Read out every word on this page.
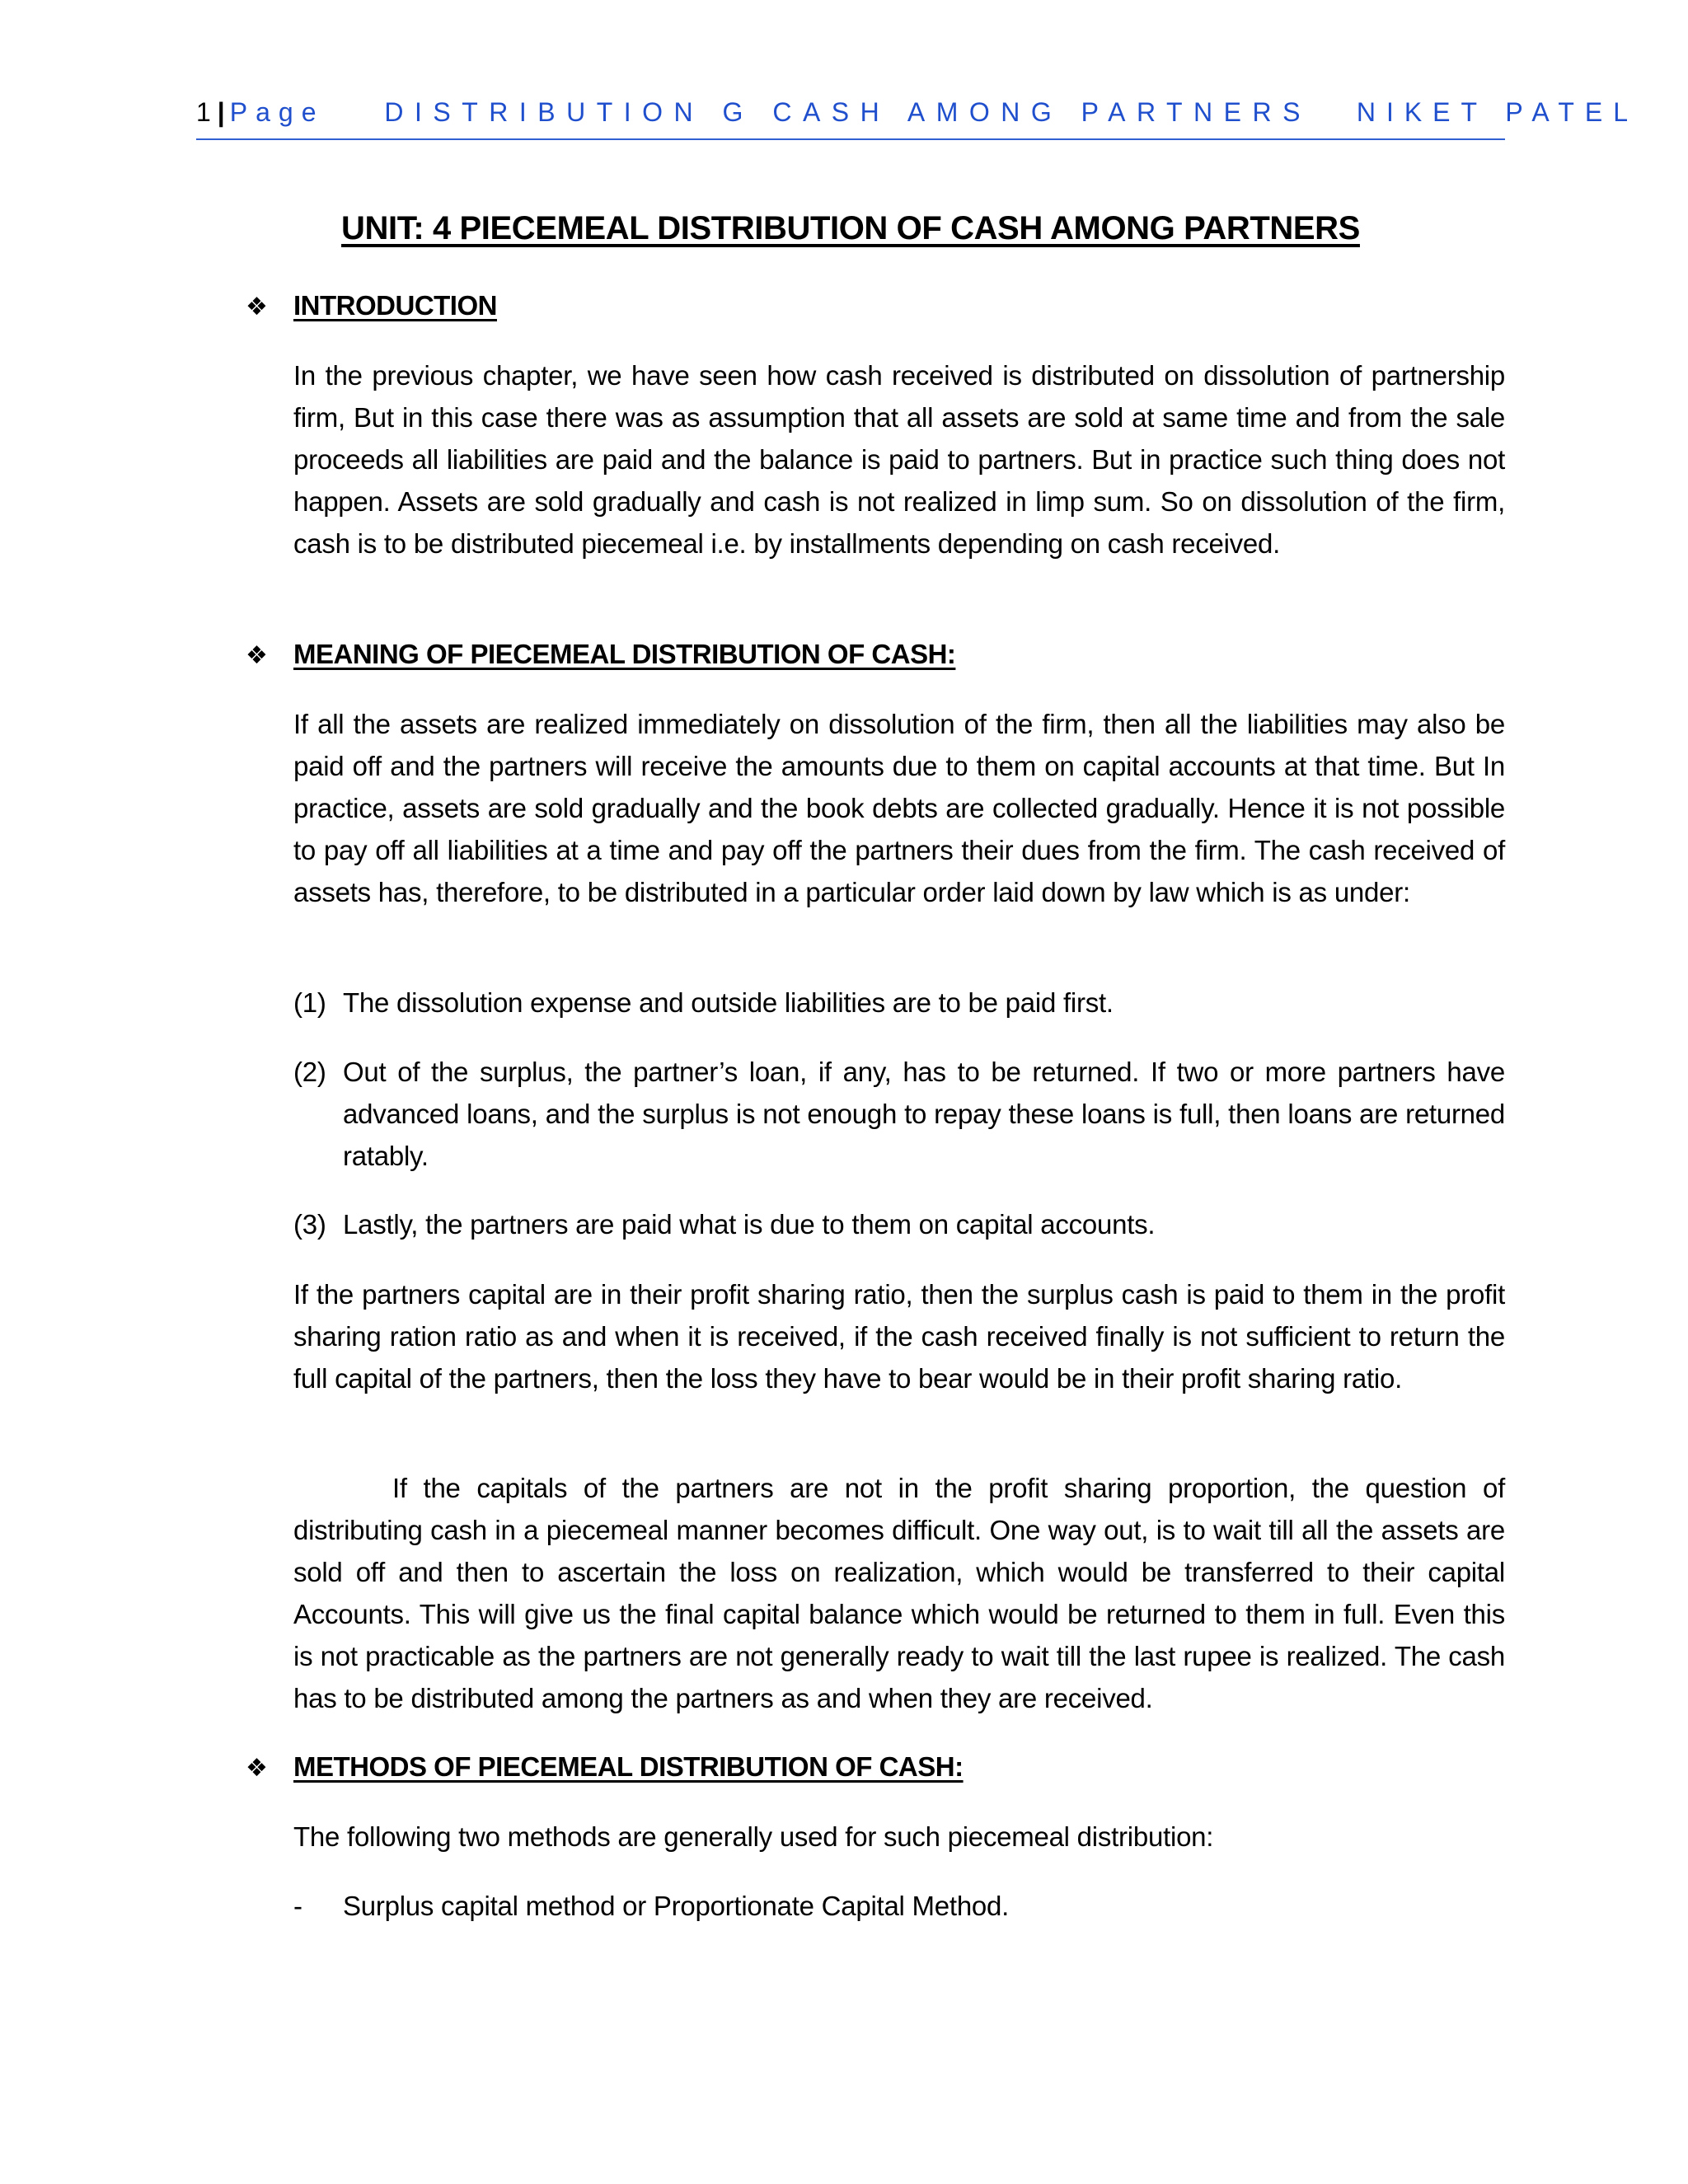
1 | Page DISTRIBUTION G CASH AMONG PARTNERS NIKET PATEL
UNIT: 4 PIECEMEAL DISTRIBUTION OF CASH AMONG PARTNERS
❖ INTRODUCTION
In the previous chapter, we have seen how cash received is distributed on dissolution of partnership firm, But in this case there was as assumption that all assets are sold at same time and from the sale proceeds all liabilities are paid and the balance is paid to partners. But in practice such thing does not happen. Assets are sold gradually and cash is not realized in limp sum. So on dissolution of the firm, cash is to be distributed piecemeal i.e. by installments depending on cash received.
❖ MEANING OF PIECEMEAL DISTRIBUTION OF CASH:
If all the assets are realized immediately on dissolution of the firm, then all the liabilities may also be paid off and the partners will receive the amounts due to them on capital accounts at that time. But In practice, assets are sold gradually and the book debts are collected gradually. Hence it is not possible to pay off all liabilities at a time and pay off the partners their dues from the firm. The cash received of assets has, therefore, to be distributed in a particular order laid down by law which is as under:
(1) The dissolution expense and outside liabilities are to be paid first.
(2) Out of the surplus, the partner’s loan, if any, has to be returned. If two or more partners have advanced loans, and the surplus is not enough to repay these loans is full, then loans are returned ratably.
(3) Lastly, the partners are paid what is due to them on capital accounts.
If the partners capital are in their profit sharing ratio, then the surplus cash is paid to them in the profit sharing ration ratio as and when it is received, if the cash received finally is not sufficient to return the full capital of the partners, then the loss they have to bear would be in their profit sharing ratio.
If the capitals of the partners are not in the profit sharing proportion, the question of distributing cash in a piecemeal manner becomes difficult. One way out, is to wait till all the assets are sold off and then to ascertain the loss on realization, which would be transferred to their capital Accounts. This will give us the final capital balance which would be returned to them in full. Even this is not practicable as the partners are not generally ready to wait till the last rupee is realized. The cash has to be distributed among the partners as and when they are received.
❖ METHODS OF PIECEMEAL DISTRIBUTION OF CASH:
The following two methods are generally used for such piecemeal distribution:
-	Surplus capital method or Proportionate Capital Method.
